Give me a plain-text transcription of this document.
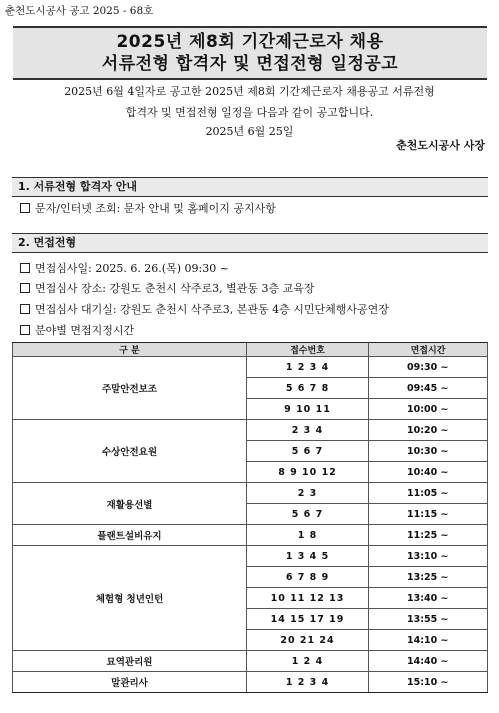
춘천도시공사 공고 2025 - 68호
2025년 제8회 기간제근로자 채용
서류전형 합격자 및 면접전형 일정공고
2025년 6월 4일자로 공고한 2025년 제8회 기간제근로자 채용공고 서류전형
합격자 및 면접전형 일정을 다음과 같이 공고합니다.
2025년 6월 25일
춘천도시공사 사장
1. 서류전형 합격자 안내
문자/인터넷 조회: 문자 안내 및 홈페이지 공지사항
2. 면접전형
면접심사일: 2025. 6. 26.(목) 09:30 ~
면접심사 장소: 강원도 춘천시 삭주로3, 별관동 3층 교육장
면접심사 대기실: 강원도 춘천시 삭주로3, 본관동 4층 시민단체행사공연장
분야별 면접지정시간
구 분	접수번호	면접시간
주말안전보조	1 2 3 4	09:30 ~
	5 6 7 8	09:45 ~
	9 10 11	10:00 ~
수상안전요원	2 3 4	10:20 ~
	5 6 7	10:30 ~
	8 9 10 12	10:40 ~
재활용선별	2 3	11:05 ~
	5 6 7	11:15 ~
플랜트설비유지	1 8	11:25 ~
체험형 청년인턴	1 3 4 5	13:10 ~
	6 7 8 9	13:25 ~
	10 11 12 13	13:40 ~
	14 15 17 19	13:55 ~
	20 21 24	14:10 ~
묘역관리원	1 2 4	14:40 ~
말관리사	1 2 3 4	15:10 ~
